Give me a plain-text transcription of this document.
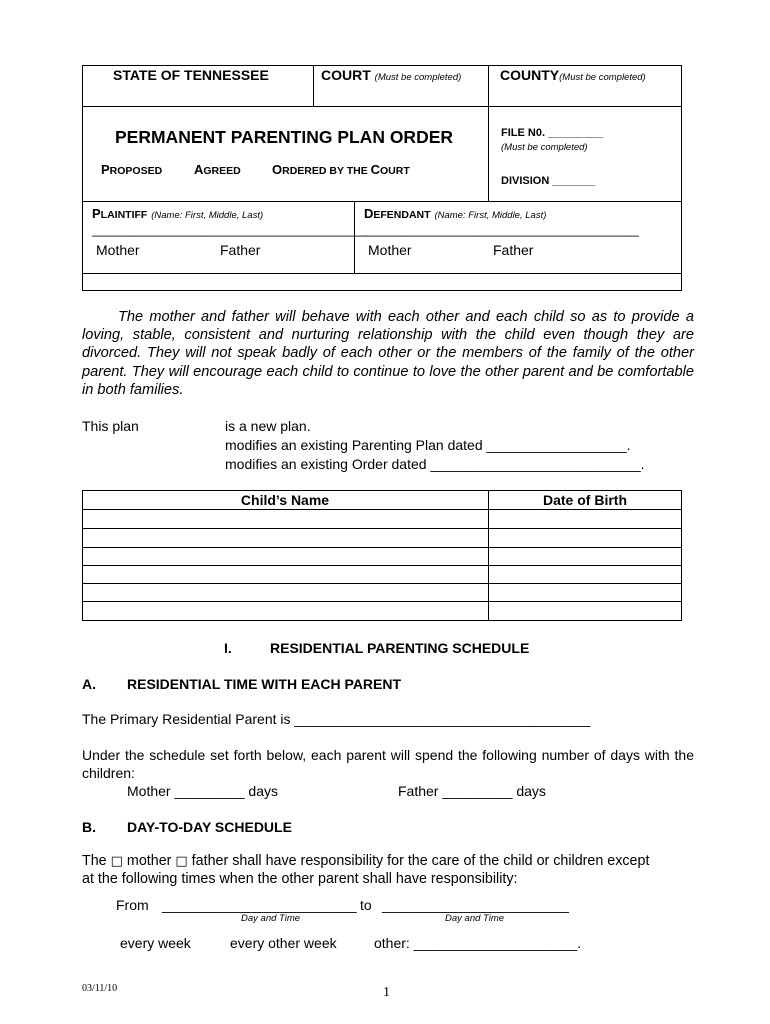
STATE OF TENNESSEE	COURT (Must be completed)	COUNTY(Must be completed)
PERMANENT PARENTING PLAN ORDER	FILE N0. _________
(Must be completed)
DIVISION _______
PROPOSED AGREED ORDERED BY THE COURT
PLAINTIFF (Name: First, Middle, Last)
______________________________________
Mother	Father
DEFENDANT (Name: First, Middle, Last)
______________________________________
Mother	Father
The mother and father will behave with each other and each child so as to provide a loving, stable, consistent and nurturing relationship with the child even though they are divorced. They will not speak badly of each other or the members of the family of the other parent. They will encourage each child to continue to love the other parent and be comfortable in both families.
This plan	is a new plan.
modifies an existing Parenting Plan dated __________________.
modifies an existing Order dated ___________________________.
Child’s Name	Date of Birth
I.	RESIDENTIAL PARENTING SCHEDULE
A. RESIDENTIAL TIME WITH EACH PARENT
The Primary Residential Parent is ______________________________________
Under the schedule set forth below, each parent will spend the following number of days with the children:
Mother _________ days	Father _________ days
B. DAY-TO-DAY SCHEDULE
The □ mother □ father shall have responsibility for the care of the child or children except
at the following times when the other parent shall have responsibility:
From _________________________ to ________________________
Day and Time	Day and Time
every week	every other week	other: _____________________.
03/11/10	1
